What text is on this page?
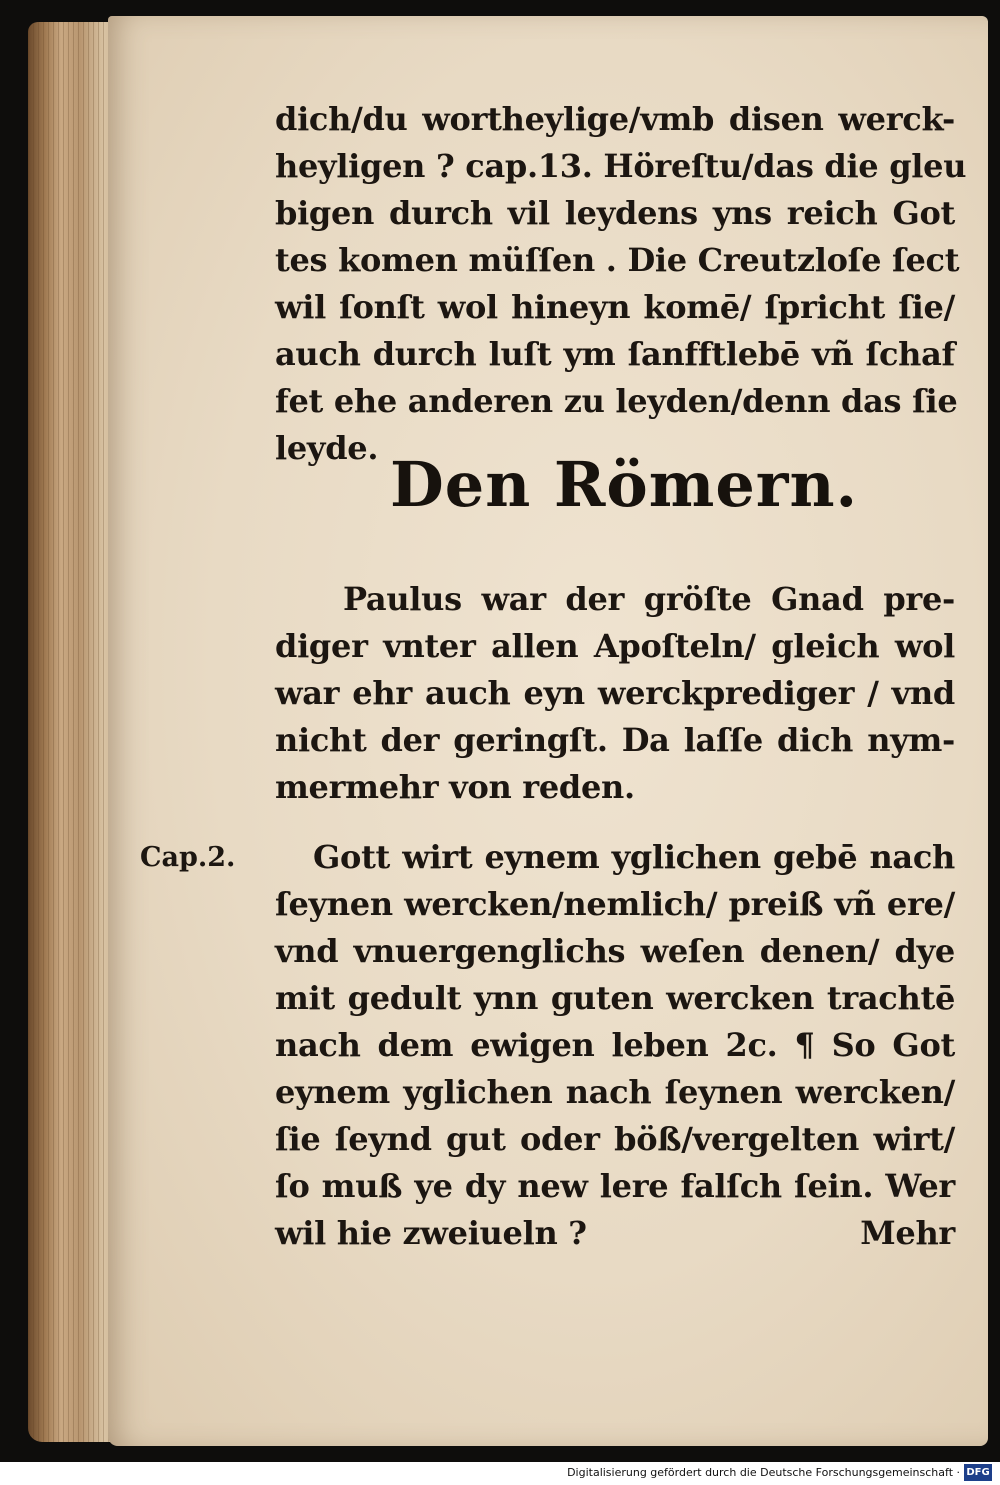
dich/du wortheylige/vmb disen werck-
heyligen ? cap.13. Höreſtu/das die gleu
bigen durch vil leydens yns reich Got
tes komen müſſen . Die Creutzloſe ſect
wil ſonſt wol hineyn komē/ ſpricht ſie/
auch durch luſt ym ſanfftlebē vñ ſchaf
fet ehe anderen zu leyden/denn das ſie
leyde. Den Römern.
Paulus war der gröſte Gnad pre-
diger vnter allen Apoſteln/ gleich wol
war ehr auch eyn werckprediger / vnd
nicht der geringſt. Da laſſe dich nym-
mermehr von reden.
Cap.2.	Gott wirt eynem yglichen gebē nach
ſeynen wercken/nemlich/ preiß vñ ere/
vnd vnuergenglichs weſen denen/ dye
mit gedult ynn guten wercken trachtē
nach dem ewigen leben 2c. ¶ So Got
eynem yglichen nach ſeynen wercken/
ſie ſeynd gut oder böß/vergelten wirt/
ſo muß ye dy new lere falſch ſein. Wer
wil hie zweiueln ?	Mehr
Digitalisierung gefördert durch die Deutsche Forschungsgemeinschaft · DFG
